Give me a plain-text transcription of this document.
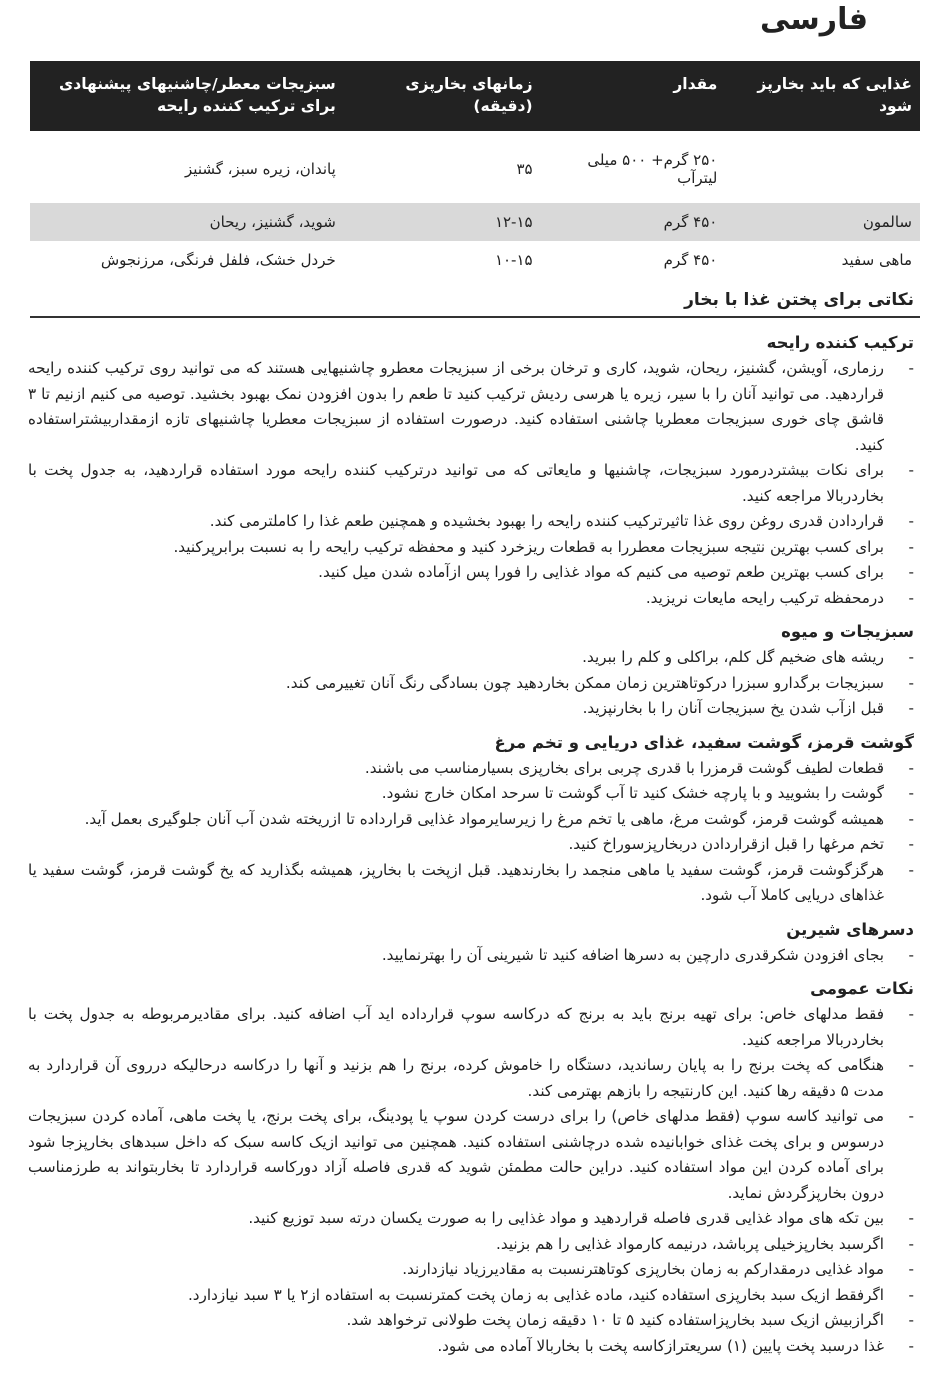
فارسی
غذایی که باید بخارپز شود	مقدار	زمانهای بخارپزی (دقیقه)	سبزیجات معطر/چاشنیهای پیشنهادی برای ترکیب کننده رایحه
	۲۵۰ گرم+ ۵۰۰ میلی لیترآب	۳۵	پاندان، زیره سبز، گشنیز
سالمون	۴۵۰ گرم	۱۲-۱۵	شوید، گشنیز، ریحان
ماهی سفید	۴۵۰ گرم	۱۰-۱۵	خردل خشک، فلفل فرنگی، مرزنجوش
نکاتی برای پختن غذا با بخار
ترکیب کننده رایحه
-
رزماری، آویشن، گشنیز، ریحان، شوید، کاری و ترخان برخی از سبزیجات معطرو چاشنیهایی هستند که می توانید روی ترکیب کننده رایحه قراردهید. می توانید آنان را با سیر، زیره یا هرسی ردیش ترکیب کنید تا طعم را بدون افزودن نمک بهبود بخشید. توصیه می کنیم ازنیم تا ۳ قاشق چای خوری سبزیجات معطریا چاشنی استفاده کنید. درصورت استفاده از سبزیجات معطریا چاشنیهای تازه ازمقداربیشتراستفاده کنید.
-
برای نکات بیشتردرمورد سبزیجات، چاشنیها و مایعاتی که می توانید درترکیب کننده رایحه مورد استفاده قراردهید، به جدول پخت با بخاردربالا مراجعه کنید.
-
قراردادن قدری روغن روی غذا تاثیرترکیب کننده رایحه را بهبود بخشیده و همچنین طعم غذا را کاملترمی کند.
-
برای کسب بهترین نتیجه سبزیجات معطررا به قطعات ریزخرد کنید و محفظه ترکیب رایحه را به نسبت برابرپرکنید.
-
برای کسب بهترین طعم توصیه می کنیم که مواد غذایی را فورا پس ازآماده شدن میل کنید.
-
درمحفظه ترکیب رایحه مایعات نریزید.
سبزیجات و میوه
-
ریشه های ضخیم گل کلم، براکلی و کلم را ببرید.
-
سبزیجات برگدارو سبزرا درکوتاهترین زمان ممکن بخاردهید چون بسادگی رنگ آنان تغییرمی کند.
-
قبل ازآب شدن یخ سبزیجات آنان را با بخارنپزید.
گوشت قرمز، گوشت سفید، غذای دریایی و تخم مرغ
-
قطعات لطیف گوشت قرمزرا با قدری چربی برای بخارپزی بسیارمناسب می باشند.
-
گوشت را بشویید و با پارچه خشک کنید تا آب گوشت تا سرحد امکان خارج نشود.
-
همیشه گوشت قرمز، گوشت مرغ، ماهی یا تخم مرغ را زیرسایرمواد غذایی قرارداده تا ازریخته شدن آب آنان جلوگیری بعمل آید.
-
تخم مرغها را قبل ازقراردادن دربخارپزسوراخ کنید.
-
هرگزگوشت قرمز، گوشت سفید یا ماهی منجمد را بخارندهید. قبل ازپخت با بخارپز، همیشه بگذارید که یخ گوشت قرمز، گوشت سفید یا غذاهای دریایی کاملا آب شود.
دسرهای شیرین
-
بجای افزودن شکرقدری دارچین به دسرها اضافه کنید تا شیرینی آن را بهترنمایید.
نکات عمومی
-
فقط مدلهای خاص: برای تهیه برنج باید به برنج که درکاسه سوپ قرارداده اید آب اضافه کنید. برای مقادیرمربوطه به جدول پخت با بخاردربالا مراجعه کنید.
-
هنگامی که پخت برنج را به پایان رساندید، دستگاه را خاموش کرده، برنج را هم بزنید و آنها را درکاسه درحالیکه درروی آن قراردارد به مدت ۵ دقیقه رها کنید. این کارنتیجه را بازهم بهترمی کند.
-
می توانید کاسه سوپ (فقط مدلهای خاص) را برای درست کردن سوپ یا پودینگ، برای پخت برنج، یا پخت ماهی، آماده کردن سبزیجات درسوس و برای پخت غذای خوابانیده شده درچاشنی استفاده کنید. همچنین می توانید ازیک کاسه سبک که داخل سبدهای بخارپزجا شود برای آماده کردن این مواد استفاده کنید. دراین حالت مطمئن شوید که قدری فاصله آزاد دورکاسه قراردارد تا بخاربتواند به طرزمناسب درون بخارپزگردش نماید.
-
بین تکه های مواد غذایی قدری فاصله قراردهید و مواد غذایی را به صورت یکسان درته سبد توزیع کنید.
-
اگرسبد بخارپزخیلی پرباشد، درنیمه کارمواد غذایی را هم بزنید.
-
مواد غذایی درمقدارکم به زمان بخارپزی کوتاهترنسبت به مقادیرزیاد نیازدارند.
-
اگرفقط ازیک سبد بخارپزی استفاده کنید، ماده غذایی به زمان پخت کمترنسبت به استفاده از۲ یا ۳ سبد نیازدارد.
-
اگرازبیش ازیک سبد بخارپزاستفاده کنید ۵ تا ۱۰ دقیقه زمان پخت طولانی ترخواهد شد.
-
غذا درسبد پخت پایین (۱) سریعترازکاسه پخت با بخاربالا آماده می شود.
